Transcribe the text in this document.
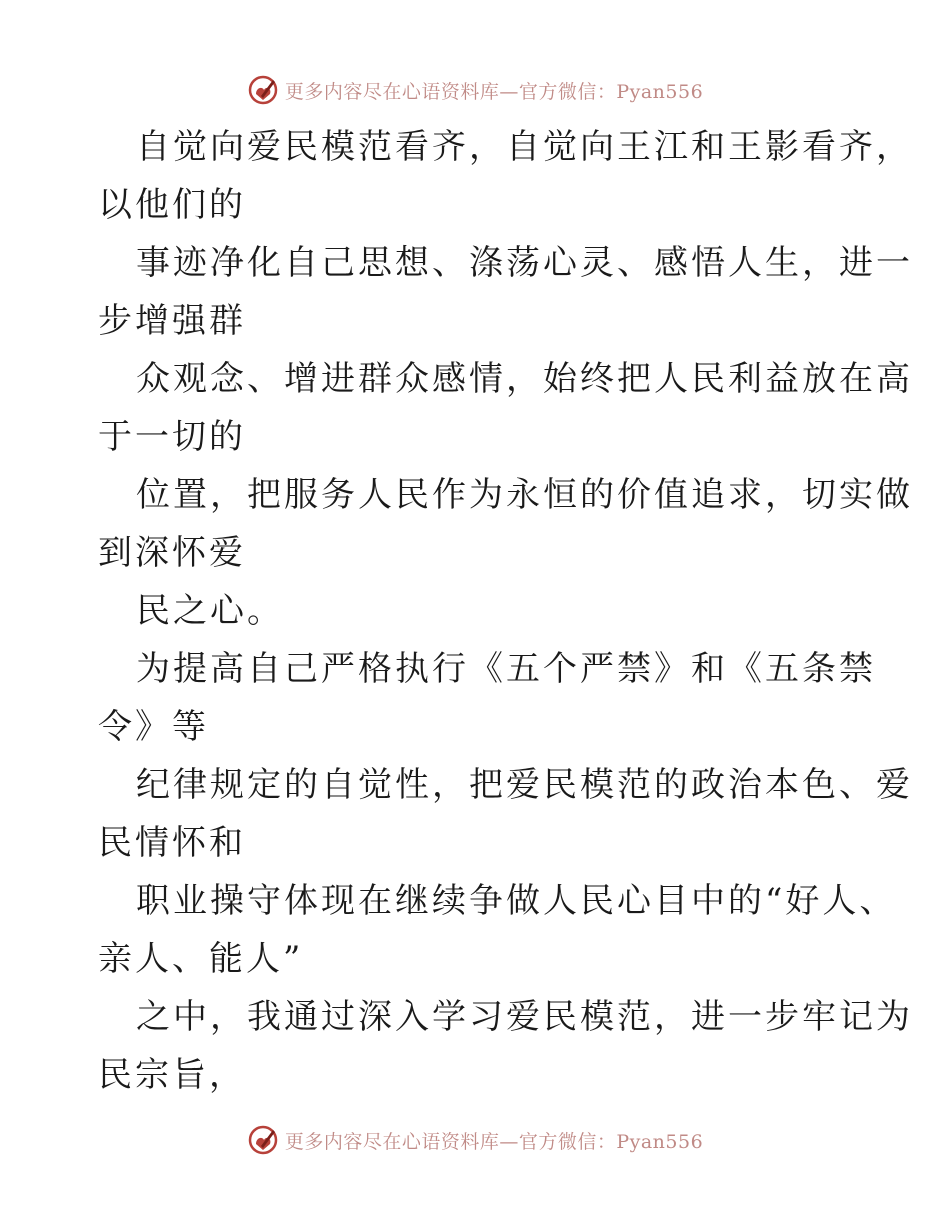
更多内容尽在心语资料库—官方微信：Pyan556
自觉向爱民模范看齐，自觉向王江和王影看齐，
以他们的
事迹净化自己思想、涤荡心灵、感悟人生，进一
步增强群
众观念、增进群众感情，始终把人民利益放在高
于一切的
位置，把服务人民作为永恒的价值追求，切实做
到深怀爱
民之心。
为提高自己严格执行《五个严禁》和《五条禁
令》等
纪律规定的自觉性，把爱民模范的政治本色、爱
民情怀和
职业操守体现在继续争做人民心目中的“好人、
亲人、能人”
之中，我通过深入学习爱民模范，进一步牢记为
民宗旨，
更多内容尽在心语资料库—官方微信：Pyan556
